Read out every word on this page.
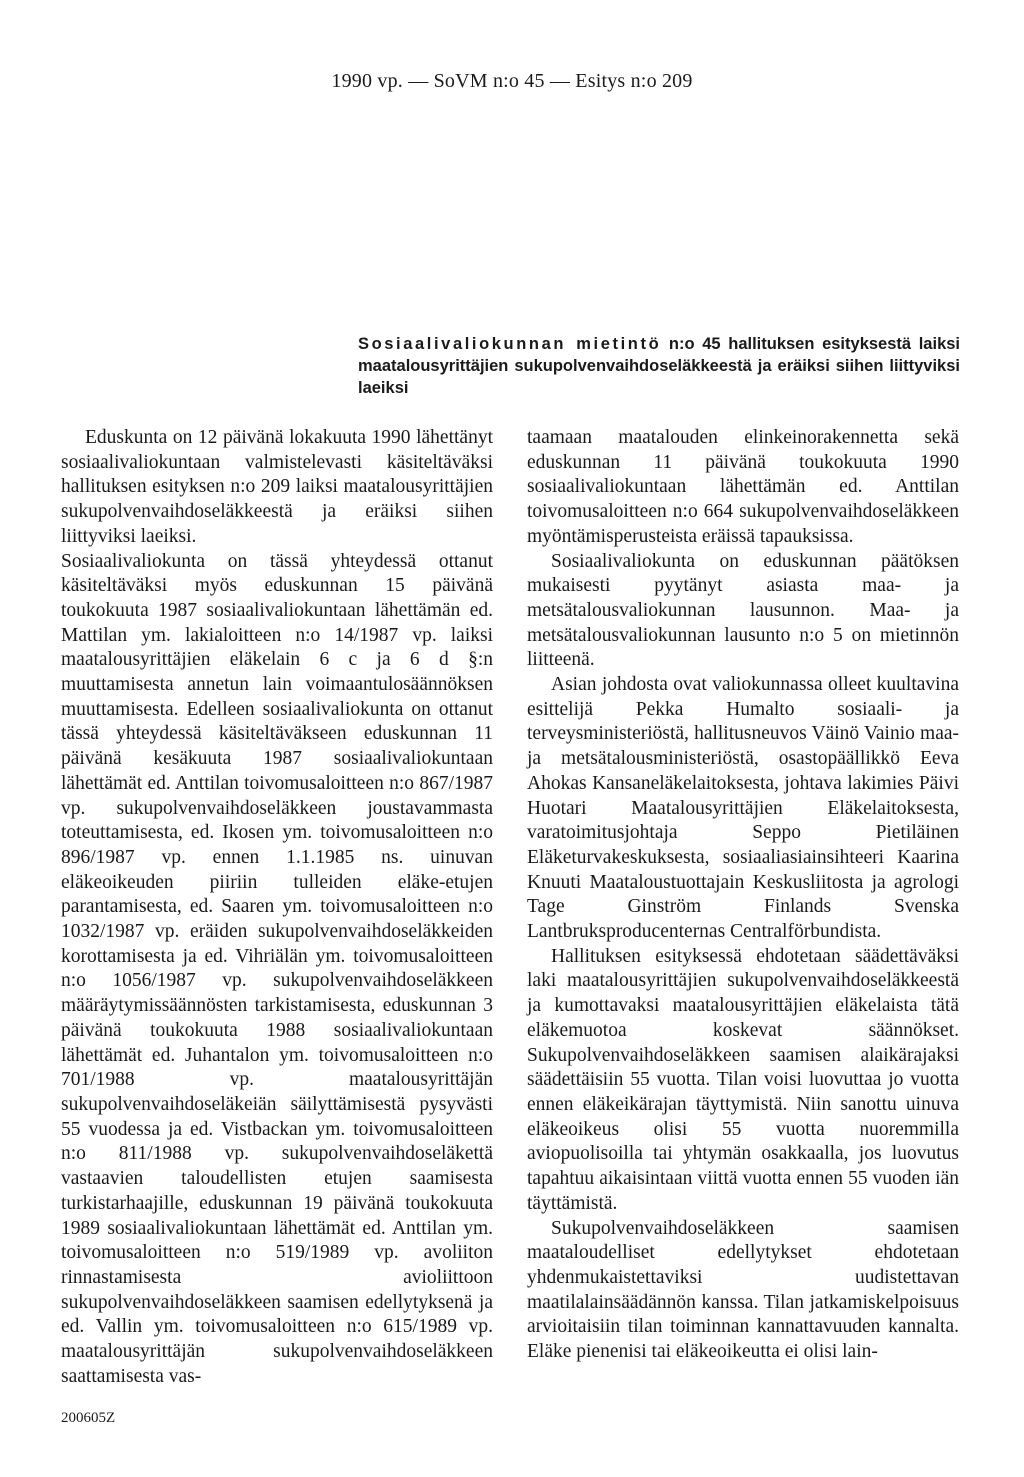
1990 vp. — SoVM n:o 45 — Esitys n:o 209
Sosiaalivaliokunnan mietintö n:o 45 hallituksen esityksestä laiksi maatalousyrittäjien sukupolvenvaihdoseläkkeestä ja eräiksi siihen liittyviksi laeiksi

Eduskunta on 12 päivänä lokakuuta 1990 lähettänyt sosiaalivaliokuntaan valmistelevasti käsiteltäväksi hallituksen esityksen n:o 209 laiksi maatalousyrittäjien sukupolvenvaihdoseläkkeestä ja eräiksi siihen liittyviksi laeiksi.

Sosiaalivaliokunta on tässä yhteydessä ottanut käsiteltäväksi myös eduskunnan 15 päivänä toukokuuta 1987 sosiaalivaliokuntaan lähettämän ed. Mattilan ym. lakialoitteen n:o 14/1987 vp. laiksi maatalousyrittäjien eläkelain 6 c ja 6 d §:n muuttamisesta annetun lain voimaantulosäännöksen muuttamisesta. Edelleen sosiaalivaliokunta on ottanut tässä yhteydessä käsiteltäväkseen eduskunnan 11 päivänä kesäkuuta 1987 sosiaalivaliokuntaan lähettämät ed. Anttilan toivomusaloitteen n:o 867/1987 vp. sukupolvenvaihdoseläkkeen joustavammasta toteuttamisesta, ed. Ikosen ym. toivomusaloitteen n:o 896/1987 vp. ennen 1.1.1985 ns. uinuvan eläkeoikeuden piiriin tulleiden eläke-etujen parantamisesta, ed. Saaren ym. toivomusaloitteen n:o 1032/1987 vp. eräiden sukupolvenvaihdoseläkkeiden korottamisesta ja ed. Vihriälän ym. toivomusaloitteen n:o 1056/1987 vp. sukupolvenvaihdoseläkkeen määräytymissäännösten tarkistamisesta, eduskunnan 3 päivänä toukokuuta 1988 sosiaalivaliokuntaan lähettämät ed. Juhantalon ym. toivomusaloitteen n:o 701/1988 vp. maatalousyrittäjän sukupolvenvaihdoseläkeiän säilyttämisestä pysyvästi 55 vuodessa ja ed. Vistbackan ym. toivomusaloitteen n:o 811/1988 vp. sukupolvenvaihdoseläkettä vastaavien taloudellisten etujen saamisesta turkistarhaajille, eduskunnan 19 päivänä toukokuuta 1989 sosiaalivaliokuntaan lähettämät ed. Anttilan ym. toivomusaloitteen n:o 519/1989 vp. avoliiton rinnastamisesta avioliittoon sukupolvenvaihdoseläkkeen saamisen edellytyksenä ja ed. Vallin ym. toivomusaloitteen n:o 615/1989 vp. maatalousyrittäjän sukupolvenvaihdoseläkkeen saattamisesta vas-

taamaan maatalouden elinkeinorakennetta sekä eduskunnan 11 päivänä toukokuuta 1990 sosiaalivaliokuntaan lähettämän ed. Anttilan toivomusaloitteen n:o 664 sukupolvenvaihdoseläkkeen myöntämisperusteista eräissä tapauksissa.

Sosiaalivaliokunta on eduskunnan päätöksen mukaisesti pyytänyt asiasta maa- ja metsätalousvaliokunnan lausunnon. Maa- ja metsätalousvaliokunnan lausunto n:o 5 on mietinnön liitteenä.

Asian johdosta ovat valiokunnassa olleet kuultavina esittelijä Pekka Humalto sosiaali- ja terveysministeriöstä, hallitusneuvos Väinö Vainio maa- ja metsätalousministeriöstä, osastopäällikkö Eeva Ahokas Kansaneläkelaitoksesta, johtava lakimies Päivi Huotari Maatalousyrittäjien Eläkelaitoksesta, varatoimitusjohtaja Seppo Pietiläinen Eläketurvakeskuksesta, sosiaaliasiainsihteeri Kaarina Knuuti Maataloustuottajain Keskusliitosta ja agrologi Tage Ginström Finlands Svenska Lantbruksproducenternas Centralförbundista.

Hallituksen esityksessä ehdotetaan säädettäväksi laki maatalousyrittäjien sukupolvenvaihdoseläkkeestä ja kumottavaksi maatalousyrittäjien eläkelaista tätä eläkemuotoa koskevat säännökset. Sukupolvenvaihdoseläkkeen saamisen alaikärajaksi säädettäisiin 55 vuotta. Tilan voisi luovuttaa jo vuotta ennen eläkeikärajan täyttymistä. Niin sanottu uinuva eläkeoikeus olisi 55 vuotta nuoremmilla aviopuolisoilla tai yhtymän osakkaalla, jos luovutus tapahtuu aikaisintaan viittä vuotta ennen 55 vuoden iän täyttämistä.

Sukupolvenvaihdoseläkkeen saamisen maataloudelliset edellytykset ehdotetaan yhdenmukaistettaviksi uudistettavan maatilalainsäädännön kanssa. Tilan jatkamiskelpoisuus arvioitaisiin tilan toiminnan kannattavuuden kannalta. Eläke pienenisi tai eläkeoikeutta ei olisi lain-

200605Z
